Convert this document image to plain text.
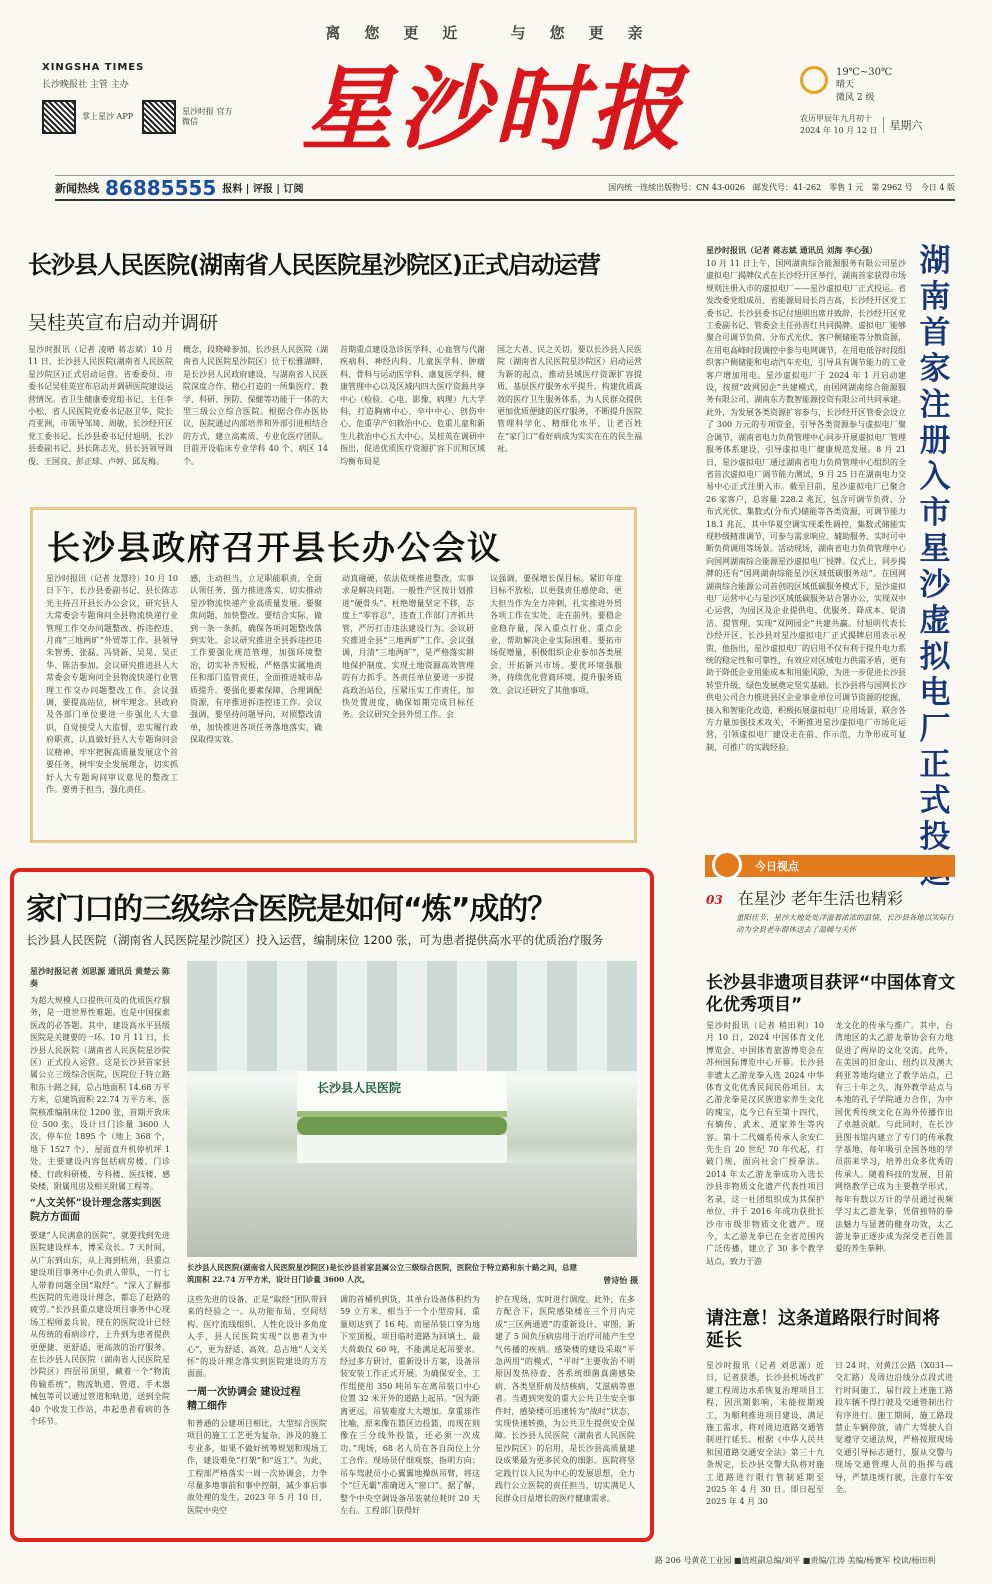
离您更近 与您更亲
XINGSHA TIMES
长沙晚报社 主管 主办
掌上星沙 APP
星沙时报 官方微信	星沙时报	19℃~30℃
晴天
微风 2 级
农历甲辰年九月初十
2024 年 10 月 12 日	星期六
新闻热线 86885555 报料 | 评报 | 订阅	国内统一连续出版物号：CN 43-0026 邮发代号：41-262 零售 1 元 第 2962 号 今日 4 版
长沙县人民医院(湖南省人民医院星沙院区)正式启动运营
吴桂英宣布启动并调研
星沙时报讯（记者 凌晴 蒋志斌）10 月 11 日，长沙县人民医院(湖南省人民医院星沙院区)正式启动运营。省委委员、市委书记吴桂英宣布启动并调研医院建设运营情况。省卫生健康委党组书记、主任李小松，省人民医院党委书记赵卫华、院长肖亚洲，市领导邹琦、周敏，长沙经开区党工委书记、长沙县委书记付旭明，长沙县委副书记、县长陈志光，县长县领导周俊、王国良、彭正球、卢婷、邱友梅。
概念，段晓峰参加。长沙县人民医院（湖南省人民医院星沙院区）位于松雅湖畔，是长沙县人民政府建设，与湖南省人民医院深度合作、精心打造的一所集医疗、教学、科研、预防、保健等功能于一体的大型三级公立综合医院。根据合作办医协议，医院通过内部培养和外部引进相结合的方式，建立高素质、专业化医疗团队。目前开设临床专业学科 40 个、病区 14 个。
首期重点建设急诊医学科、心血管与代谢疾病科、神经内科、儿童医学科、肿瘤科、骨科与运动医学科、康复医学科、健康管理中心以及区域内四大医疗资源共享中心（检验、心电、影像、病理）九大学科，打造胸痛中心、卒中中心、创伤中心、危重孕产妇救治中心、危重儿童和新生儿救治中心五大中心。吴桂英在调研中指出，促进优质医疗资源扩容下沉和区域均衡布局是
国之大者、民之关切。要以长沙县人民医院（湖南省人民医院星沙院区）启动运营为新的起点，推动县域医疗资源扩容提质、基层医疗服务水平提升，构建优质高效的医疗卫生服务体系，为人民群众提供更加优质便捷的医疗服务，不断提升医院管理科学化、精细化水平，让老百姓在“家门口”看好病成为实实在在的民生福祉。
星沙时报讯（记者 蒋志斌 通讯员 刘海 李心强）
10 月 11 日上午，国网湖南综合能源服务有限公司星沙虚拟电厂揭牌仪式在长沙经开区举行，湖南首家获得市场规则注册入市的虚拟电厂——星沙虚拟电厂正式投运。省发改委党组成员、省能源局局长肖吉高，长沙经开区党工委书记、长沙县委书记付旭明出席并致辞，长沙经开区党工委副书记、管委会主任孙晋红共同揭牌。虚拟电厂能够聚合可调节负荷、分布式光伏、客户侧储能等分散资源，在用电高峰时段调控中参与电网调节，在用电低谷时段组织客户侧储能和电动汽车充电，引导具有调节能力的工业客户增加用电。星沙虚拟电厂于 2024 年 1 月启动建设，按照“政网园企”共建模式，由国网湖南综合能源服务有限公司、湖南东方数智能源投资有限公司共同承建。此外，为发展各类资源扩容参与，长沙经开区管委会设立了 300 万元的专项资金，引导各类资源参与虚拟电厂聚合调节，湖南省电力负荷管理中心同步开展虚拟电厂管理服务体系建设，引导虚拟电厂健康规范发展。8 月 21 日，星沙虚拟电厂通过湖南省电力负荷管理中心组织的全省首次虚拟电厂调节能力测试，9 月 25 日在湖南电力交易中心正式注册入市。截至目前，星沙虚拟电厂已聚合 26 家客户，总容量 228.2 兆瓦，包含可调节负荷、分布式光伏、集数式(分布式)储能等各类资源，可调节能力 18.1 兆瓦，其中华夏空调实现柔性调控，集数式储能实现秒级精准调节，可参与需求响应、辅助服务、实时可中断负荷调用等场景。活动现场，湖南省电力负荷管理中心向国网湖南综合能源星沙虚拟电厂授牌。仪式上，同步揭牌的还有“国网湖南综能星沙区域低碳服务站”。在国网湖南综合能源公司首创的区域低碳服务模式下，星沙虚拟电厂运营中心与星沙区域低碳服务站合署办公，实现双中心运营，为园区及企业提供电、优服务、降成本、促清洁、提管理，实现“双网园企”共建共赢。付旭明代表长沙经开区、长沙县对星沙虚拟电厂正式揭牌启用表示祝贺，他指出，星沙虚拟电厂的启用不仅有利于提升电力系统的稳定性和可靠性，有效应对区域电力供需矛盾，更有助于降低企业用能成本和用能风险，为进一步促进长沙县转型升级、绿色发展奠定坚实基础。长沙县将与国网长沙供电公司合力推进县区企业事业单位可调节资源的挖掘，接入和智能化改造，积极拓展虚拟电厂应用场景，联合各方力量加强技术攻关，不断推进星沙虚拟电厂市场化运营，引领虚拟电厂建设走在前、作示范，力争形成可复制、可推广的实践经验。
湖南首家注册入市星沙虚拟电厂正式投
长沙县政府召开县长办公会议
星沙时报讯（记者 龙慧玲）10 月 10 日下午，长沙县委副书记、县长陈志光主持召开县长办公会议，研究县人大常委会专题询问全县物流快递行业管理工作交办问题整改、拆违控违、月商“三地两旷”外贸等工作。县领导朱智勇、张磊、冯贤新、吴晃、吴正华、陈洁参加。会议研究推进县人大常委会专题询问全县物流快递行业管理工作交办问题整改工作。会议强调，要提高站位，树牢理念。县政府及各部门单位要进一步强化人大意识，自觉接受人大监督，忠实履行政府职责，认真做好县人大专题询问会议精神，牢牢把握高质量发展这个首要任务，树牢安全发展理念，切实抓好人大专题询问审议意见的整改工作。要勇于担当，强化责任。
感，主动担当，立足职能职责，全面认领任务，强力推进落实，切实推动星沙物流快递产业高质量发展。要聚焦问题，加快整改。要结合实际，做到一条一条抓，确保各项问题整改落到实处。会议研究推进全县拆违控违工作要强化规范管理，加强环境整治，切实补齐短板，严格落实属地责任和部门监管责任，全面推进城市品质提升。要强化要素保障，合理调配资源，有序推进拆违控违工作。会议强调，要坚持问题导向，对照整改清单，加快推进各项任务落地落实，确保取得实效。
动真碰硬，依法依规推进整改，实事求是解决问题。一般性产区按计划推进“硬骨头”。杜绝增量坚定不移，态度上“零容忍”，违查工作部门齐抓共管，严厉打击违法建设行为。会议研究推进全县“三地两旷”工作。会议强调，月清“三地两旷”，是严格落实耕地保护制度、实现土地资源高效管理的有力抓手。各责任单位要进一步提高政治站位，压紧压实工作责任，加快处置进度，确保如期完成目标任务。会议研究全县外贸工作。会
议强调，要保增长保目标。紧盯年度目标不放松，以更强责任感使命、更大担当作为全力冲刺，扎实推进外贸各项工作在实处、走在前列。要稳企业稳存量，深入重点行业、重点企业，帮助解决企业实际困难。要拓市场促增量，积极组织企业参加各类展会，开拓新兴市场。要优环境强服务，持续优化营商环境，提升服务质效。会议还研究了其他事项。
今日视点
03 在星沙 老年生活也精彩
重阳佳节，星沙大地处处洋溢着浓浓的温情，长沙县各地以实际行动为全县老年群体送去了温暖与关怀
长沙县非遗项目获评“中国体育文化优秀项目”
星沙时报讯（记者 稍田利）10 月 10 日，2024 中国体育文化博览会、中国体育旅游博览会在苏州国际博览中心开幕。长沙县非遗太乙游龙拳入选 2024 中华体育文化优秀民间民俗项目。太乙游龙拳是汉民族道家养生文化的瑰宝，迄今已有至第十四代，有嫡传、武术、道家养生等内容。第十二代嫡系传承人余安仁先生自 20 世纪 70 年代起，打破门规，面向社会广授拳法。2014 年太乙游龙拳成功入选长沙县非物质文化遗产代表性项目名录，这一社团组织成为其保护单位，并于 2016 年成功获批长沙市市级非物质文化遗产。现今，太乙游龙拳已在全省范围内广泛传播，建立了 30 多个教学站点，致力于游
龙文化的传承与推广。其中，台湾地区的太乙游龙拳协会有力地促进了两岸的文化交流。此外，在美国的旧金山、纽约以及澳大利亚等地均建立了教学站点，已有三十年之久，海外教学站点与本地的孔子学院通力合作，为中国优秀传统文化在海外传播作出了卓越贡献。与此同时，在长沙县图书馆内建立了专门的传承教学基地，每年吸引全国各地的学员前来学习，培养出众多优秀的传承人。随着科技的发展，目前网络教学已成为主要教学形式，每年有数以万计的学员通过视频学习太乙游龙拳，凭借独特的拳法魅力与显著的健身功效，太乙游龙拳正逐步成为深受老百姓喜爱的养生拳种。
请注意！这条道路限行时间将延长
星沙时报讯（记者 刘思源）近日，记者获悉，长沙县机场改扩建工程周边水系恢复治理项目工程，因汛期影响，未能按期竣工，为顺利推进项目建设，满足施工需求，将对周边道路交通管制进行延长。根据《中华人民共和国道路交通安全法》第三十九条规定，长沙县交警大队将对施工道路进行限行管制延期至 2025 年 4 月 30 日。即日起至 2025 年 4 月 30
日 24 时，对黄江公路（X031—交汇路）及周边沿线分点段式进行时间施工，届行段上述施工路段车辆不得行驶及交通管制出行有序进行。施工期间，施工路段禁止车辆停放，请广大驾驶人自觉遵守交通法规，严格按照现场交通引导标志通行，服从交警与现场交通管理人员的指挥与疏导，严禁违规行驶，注意行车安全。
家门口的三级综合医院是如何“炼”成的？
长沙县人民医院（湖南省人民医院星沙院区）投入运营，编制床位 1200 张，可为患者提供高水平的优质治疗服务
星沙时报记者 刘思源 通讯员 黄楚云 陈奏
为超大规模人口提供可及的优质医疗服务，是一道世界性难题。也是中国探索医改的必答题。其中，建设高水平县级医院是关键要的一环。10 月 11 日，长沙县人民医院（湖南省人民医院星沙院区）正式投入运营。这是长沙县首家县属公立三级综合医院，医院位于特立路和东十路之间，总占地面积 14.68 万平方米，总建筑面积 22.74 万平方米，医院核准编制床位 1200 张，首期开放床位 500 张，设计日门诊量 3600 人次，停车位 1895 个（地上 368 个，地下 1527 个），屋面直升机停机坪 1 处。主要建设内容包括病房楼、门诊楼、行政科研楼、专科楼、医技楼、感染楼，附属用房及相关附属工程等。
“人文关怀”设计理念落实到医院方方面面
要建“人民满意的医院”，就要找到先进医院建设样本，博采众长。7 天时间，从广东到山东，从上海到杭州，县重点建设项目事务中心负责人带队，一行七人带着问题全国“取经”。“深入了解那些医院的先进设计理念，都忘了赶路的疲劳。”长沙县重点建设项目事务中心现场工程师姜兵说，现在的医院设计已经从传统的看病诊疗，上升到为患者提供更便捷、更舒适、更高效的治疗服务。在长沙县人民医院（湖南省人民医院星沙院区）四层吊顶里，藏着一个“物流传输系统”，物流轨道、管道、手术器械包等可以通过管道和轨道，送到全院 40 个收发工作站，串起患者看病的各个环节。
长沙县人民医院
长沙县人民医院(湖南省人民医院星沙院区)是长沙县首家县属公立三级综合医院，医院位于特立路和东十路之间，总建筑面积 22.74 万平方米，设计日门诊量 3600 人次。	曾诗怡 摄
这些先进的设备，正是“取经”团队带回来的经验之一。从功能布局、空间结构、医疗流线组织、人性化设计多角度入手，县人民医院实现“以患者为中心”，更为舒适、高效。总占地“人文关怀”的设计理念落实到医院建设的方方面面。
一周一次协调会 建设过程精工细作
和普通的公建项目相比，大型综合医院项目的施工工艺更为复杂，涉及的施工专业多，如果不做好统筹规划和现场工作，建设难免“打架”和“返工”。为此，工程部严格落实一周一次协调会，力争尽量多地事前和事中控制，减少事后事故处理的发生。2023 年 5 月 10 日，医院中央空
调的首桶机到货，其单台设备体积约为 59 立方米，相当于一个小型房间，重量则达到了 16 吨。而屋吊装口穿为地下室顶板，项目临时道路为回填土，最大荷载仅 60 吨，不能满足起吊要求。经过多方研讨，重新设计方案，设备吊装安装工作正式开展。为确保安全，工作组使用 350 吨吊车在离吊装口中心位置 32 米开外的道路上起吊。“因为距离更远，吊装难度大大增加。拿重球作比喻，原来像在篮区边投篮，而现在则像在三分线外投篮，还必须一次成功。”现场，68 名人员在各自岗位上分工合作。现场员仔细观察，指明方向；吊车驾驶员小心翼翼地操纵吊臂，将这个“巨无霸”准确送入“窗口”。据了解，整个中央空调设备吊装就位耗时 20 天左右。工程部门获得好
护在现场，实时进行调度。此外，在多方配合下，医院感染楼在三个月内完成“三区两通道”的重新设计、审图，新建了 5 间负压病房用于治疗可能产生空气传播的疾病。感染楼的建设采取“平急两用”的模式，“平时”主要收治不明原因发热待查、各系统细菌真菌感染病、各类坚肝病及结核病、艾滋病等患者。当遇到突发的重大公共卫生安全事件时，感染楼可迅速转为“战时”状态，实现快速转换，为公共卫生提供安全保障。长沙县人民医院（湖南省人民医院星沙院区）的启用，是长沙县高质量建设成果最为更多民众的细影。医院将坚定践行以人民为中心的发展思想，全力践行公立医院的责任担当，切实满足人民群众日益增长的医疗健康需求。
路 206 号黄花工业园 ■值班副总编/刘平 ■责编/江涛 美编/杨赛军 校读/杨田利
